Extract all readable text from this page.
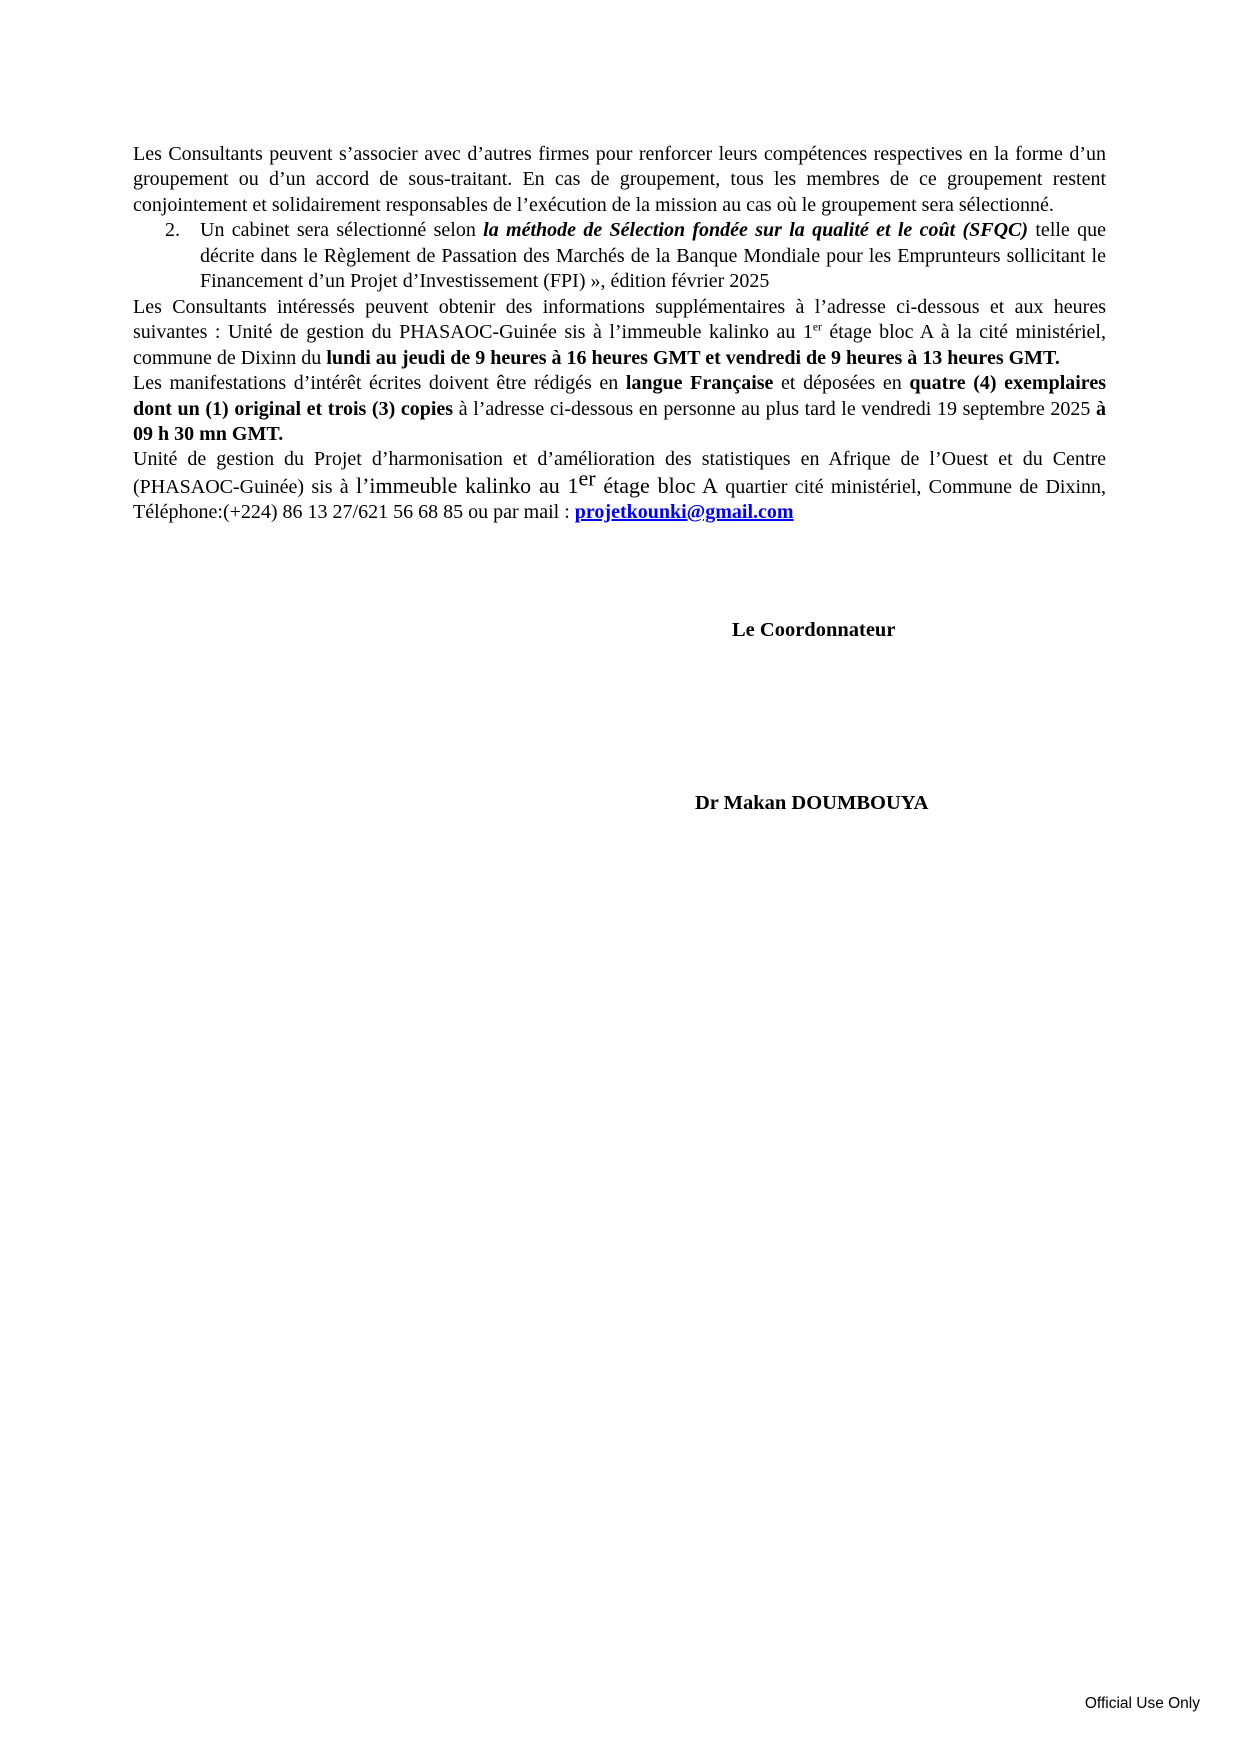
Les Consultants peuvent s’associer avec d’autres firmes pour renforcer leurs compétences respectives en la forme d’un groupement ou d’un accord de sous-traitant. En cas de groupement, tous les membres de ce groupement restent conjointement et solidairement responsables de l’exécution de la mission au cas où le groupement sera sélectionné.

2. Un cabinet sera sélectionné selon la méthode de Sélection fondée sur la qualité et le coût (SFQC) telle que décrite dans le Règlement de Passation des Marchés de la Banque Mondiale pour les Emprunteurs sollicitant le Financement d’un Projet d’Investissement (FPI) », édition février 2025

Les Consultants intéressés peuvent obtenir des informations supplémentaires à l’adresse ci-dessous et aux heures suivantes : Unité de gestion du PHASAOC-Guinée sis à l’immeuble kalinko au 1er étage bloc A à la cité ministériel, commune de Dixinn du lundi au jeudi de 9 heures à 16 heures GMT et vendredi de 9 heures à 13 heures GMT.

Les manifestations d’intérêt écrites doivent être rédigés en langue Française et déposées en quatre (4) exemplaires dont un (1) original et trois (3) copies à l’adresse ci-dessous en personne au plus tard le vendredi 19 septembre 2025 à 09 h 30 mn GMT.

Unité de gestion du Projet d’harmonisation et d’amélioration des statistiques en Afrique de l’Ouest et du Centre (PHASAOC-Guinée) sis à l’immeuble kalinko au 1er étage bloc A quartier cité ministériel, Commune de Dixinn, Téléphone:(+224) 86 13 27/621 56 68 85 ou par mail : projetkounki@gmail.com

Le Coordonnateur
Dr Makan DOUMBOUYA
Official Use Only
